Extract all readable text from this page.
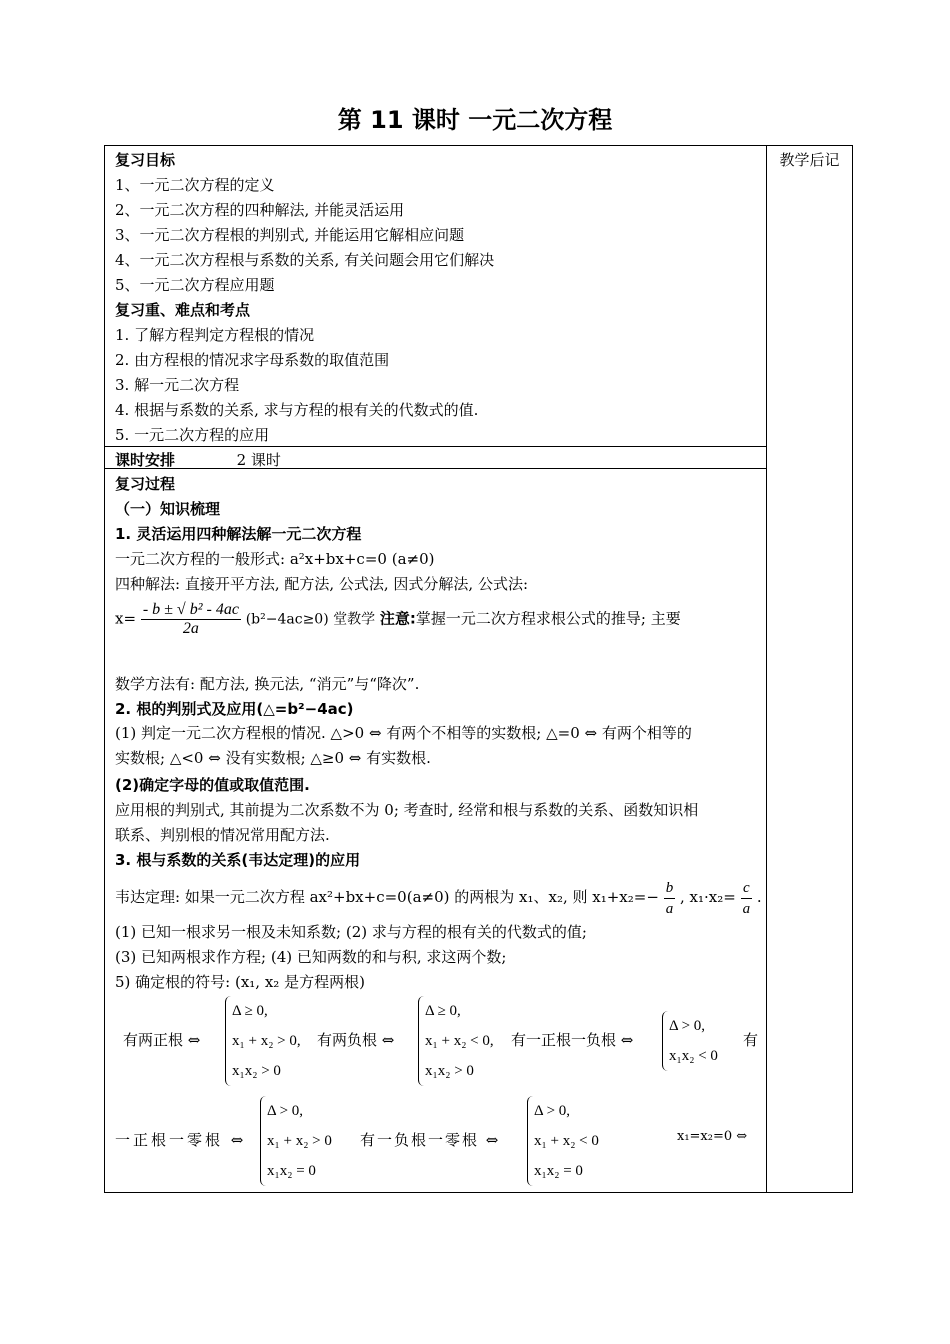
第 11 课时 一元二次方程
教学后记
复习目标
1、一元二次方程的定义
2、一元二次方程的四种解法, 并能灵活运用
3、一元二次方程根的判别式, 并能运用它解相应问题
4、一元二次方程根与系数的关系, 有关问题会用它们解决
5、一元二次方程应用题
复习重、难点和考点
1. 了解方程判定方程根的情况
2. 由方程根的情况求字母系数的取值范围
3. 解一元二次方程
4. 根据与系数的关系, 求与方程的根有关的代数式的值.
5. 一元二次方程的应用
课时安排	2 课时
复习过程
（一）知识梳理
1. 灵活运用四种解法解一元二次方程
一元二次方程的一般形式: a²x+bx+c=0 (a≠0)
四种解法: 直接开平方法, 配方法, 公式法, 因式分解法, 公式法:
$x= \frac{\text{- b ± √ b² - 4ac}}{2a} (b^2-4ac\ge 0)$ 堂教学 注意:掌握一元二次方程求根公式的推导; 主要
数学方法有: 配方法, 换元法, “消元”与“降次”.
2. 根的判别式及应用(△=b²−4ac)
(1) 判定一元二次方程根的情况. △>0 ⇔ 有两个不相等的实数根; △=0 ⇔ 有两个相等的
实数根; △<0 ⇔ 没有实数根; △≥0 ⇔ 有实数根.
(2)确定字母的值或取值范围.
应用根的判别式, 其前提为二次系数不为 0; 考查时, 经常和根与系数的关系、函数知识相
联系、判别根的情况常用配方法.
3. 根与系数的关系(韦达定理)的应用
韦达定理: 如果一元二次方程 ax²+bx+c=0(a≠0) 的两根为 x₁、x₂, 则 $x_1+x_2=- \frac{b}{a}$ , $x_1\cdot x_2= \frac{c}{a}$ .
(1) 已知一根求另一根及未知系数; (2) 求与方程的根有关的代数式的值;
(3) 已知两根求作方程; (4) 已知两数的和与积, 求这两个数;
5) 确定根的符号: (x₁, x₂ 是方程两根)
有两正根 ⇔
Δ ≥ 0,
x₁ + x₂ > 0,
x₁x₂ > 0
有两负根 ⇔
Δ ≥ 0,
x₁ + x₂ < 0,
x₁x₂ > 0
有一正根一负根 ⇔
Δ > 0,
x₁x₂ < 0
有
一正根一零根 ⇔
Δ > 0,
x₁ + x₂ > 0
x₁x₂ = 0
有一负根一零根 ⇔
Δ > 0,
x₁ + x₂ < 0
x₁x₂ = 0
x₁=x₂=0 ⇔
